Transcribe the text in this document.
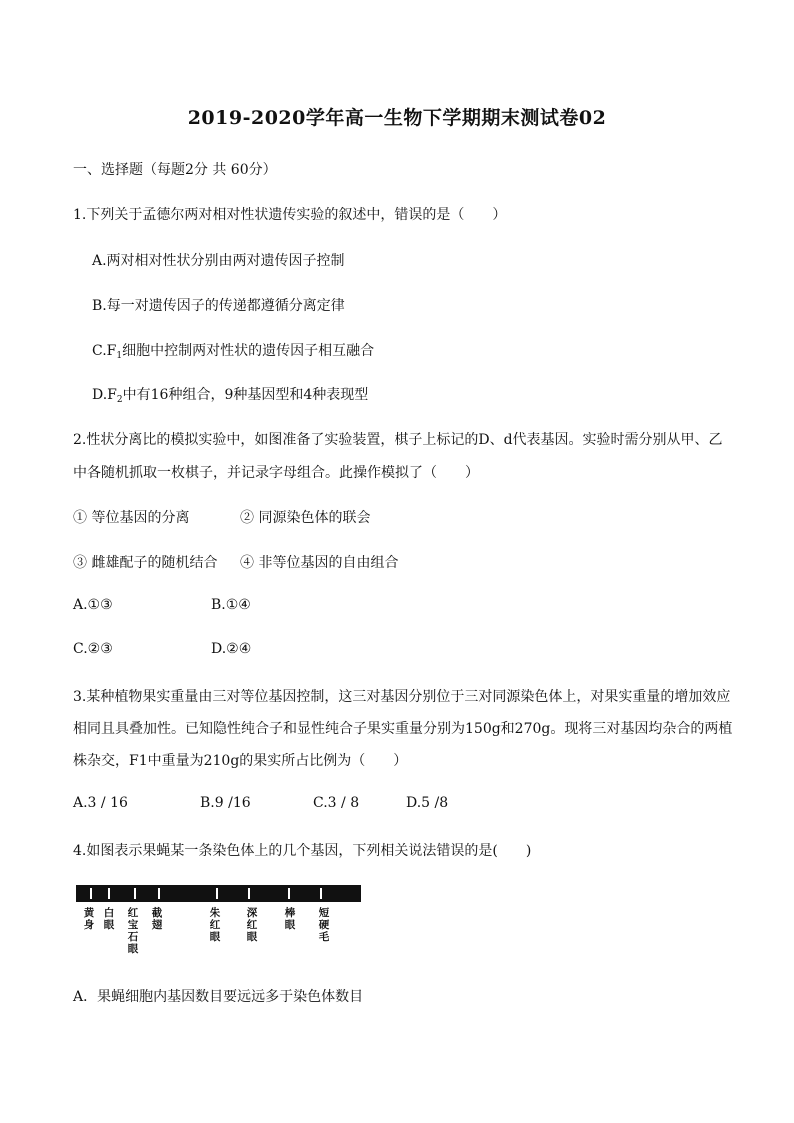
2019-2020学年高一生物下学期期末测试卷02
一、选择题（每题2分 共 60分）
1.下列关于孟德尔两对相对性状遗传实验的叙述中，错误的是（　　）
A.两对相对性状分别由两对遗传因子控制
B.每一对遗传因子的传递都遵循分离定律
$C.F_1$细胞中控制两对性状的遗传因子相互融合
$D.F_2$中有16种组合，9种基因型和4种表现型
2.性状分离比的模拟实验中，如图准备了实验装置，棋子上标记的D、d代表基因。实验时需分别从甲、乙
中各随机抓取一枚棋子，并记录字母组合。此操作模拟了（　　）
① 等位基因的分离	② 同源染色体的联会
③ 雌雄配子的随机结合 ④ 非等位基因的自由组合
A.①③	B.①④
C.②③	D.②④
3.某种植物果实重量由三对等位基因控制，这三对基因分别位于三对同源染色体上，对果实重量的增加效应
相同且具叠加性。已知隐性纯合子和显性纯合子果实重量分别为150g和270g。现将三对基因均杂合的两植
株杂交，F1中重量为210g的果实所占比例为（　　）
A.3 / 16	B.9 /16	C.3 / 8	D.5 /8
4.如图表示果蝇某一条染色体上的几个基因，下列相关说法错误的是(　　)
黄身
白眼
红宝石眼
截翅
朱红眼
深红眼
棒眼
短硬毛
A．果蝇细胞内基因数目要远远多于染色体数目
